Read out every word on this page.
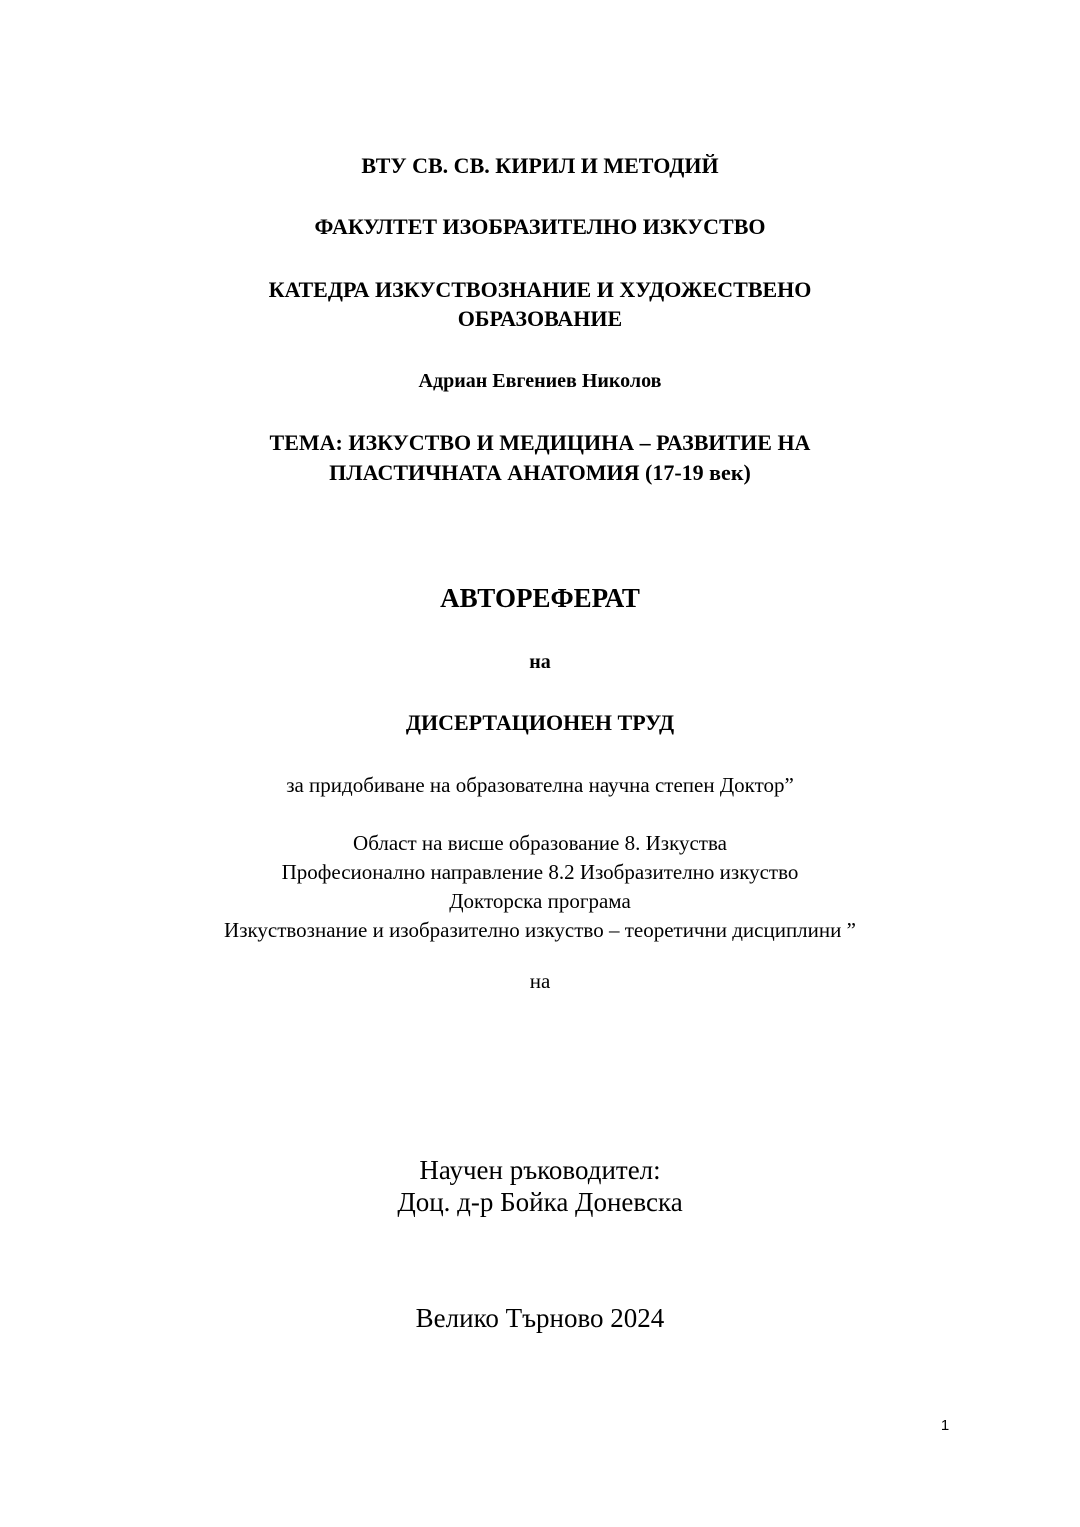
ВТУ СВ. СВ. КИРИЛ И МЕТОДИЙ
ФАКУЛТЕТ ИЗОБРАЗИТЕЛНО ИЗКУСТВО
КАТЕДРА ИЗКУСТВОЗНАНИЕ И ХУДОЖЕСТВЕНО
ОБРАЗОВАНИЕ
Адриан Евгениев Николов
ТЕМА: ИЗКУСТВО И МЕДИЦИНА – РАЗВИТИЕ НА
ПЛАСТИЧНАТА АНАТОМИЯ (17-19 век)
АВТОРЕФЕРАТ
на
ДИСЕРТАЦИОНЕН ТРУД
за придобиване на образователна научна степен Доктор”
Област на висше образование 8. Изкуства
Професионално направление 8.2 Изобразително изкуство
Докторска програма
Изкуствознание и изобразително изкуство – теоретични дисциплини ”
на
Научен ръководител:
Доц. д-р Бойка Доневска
Велико Търново 2024
1
